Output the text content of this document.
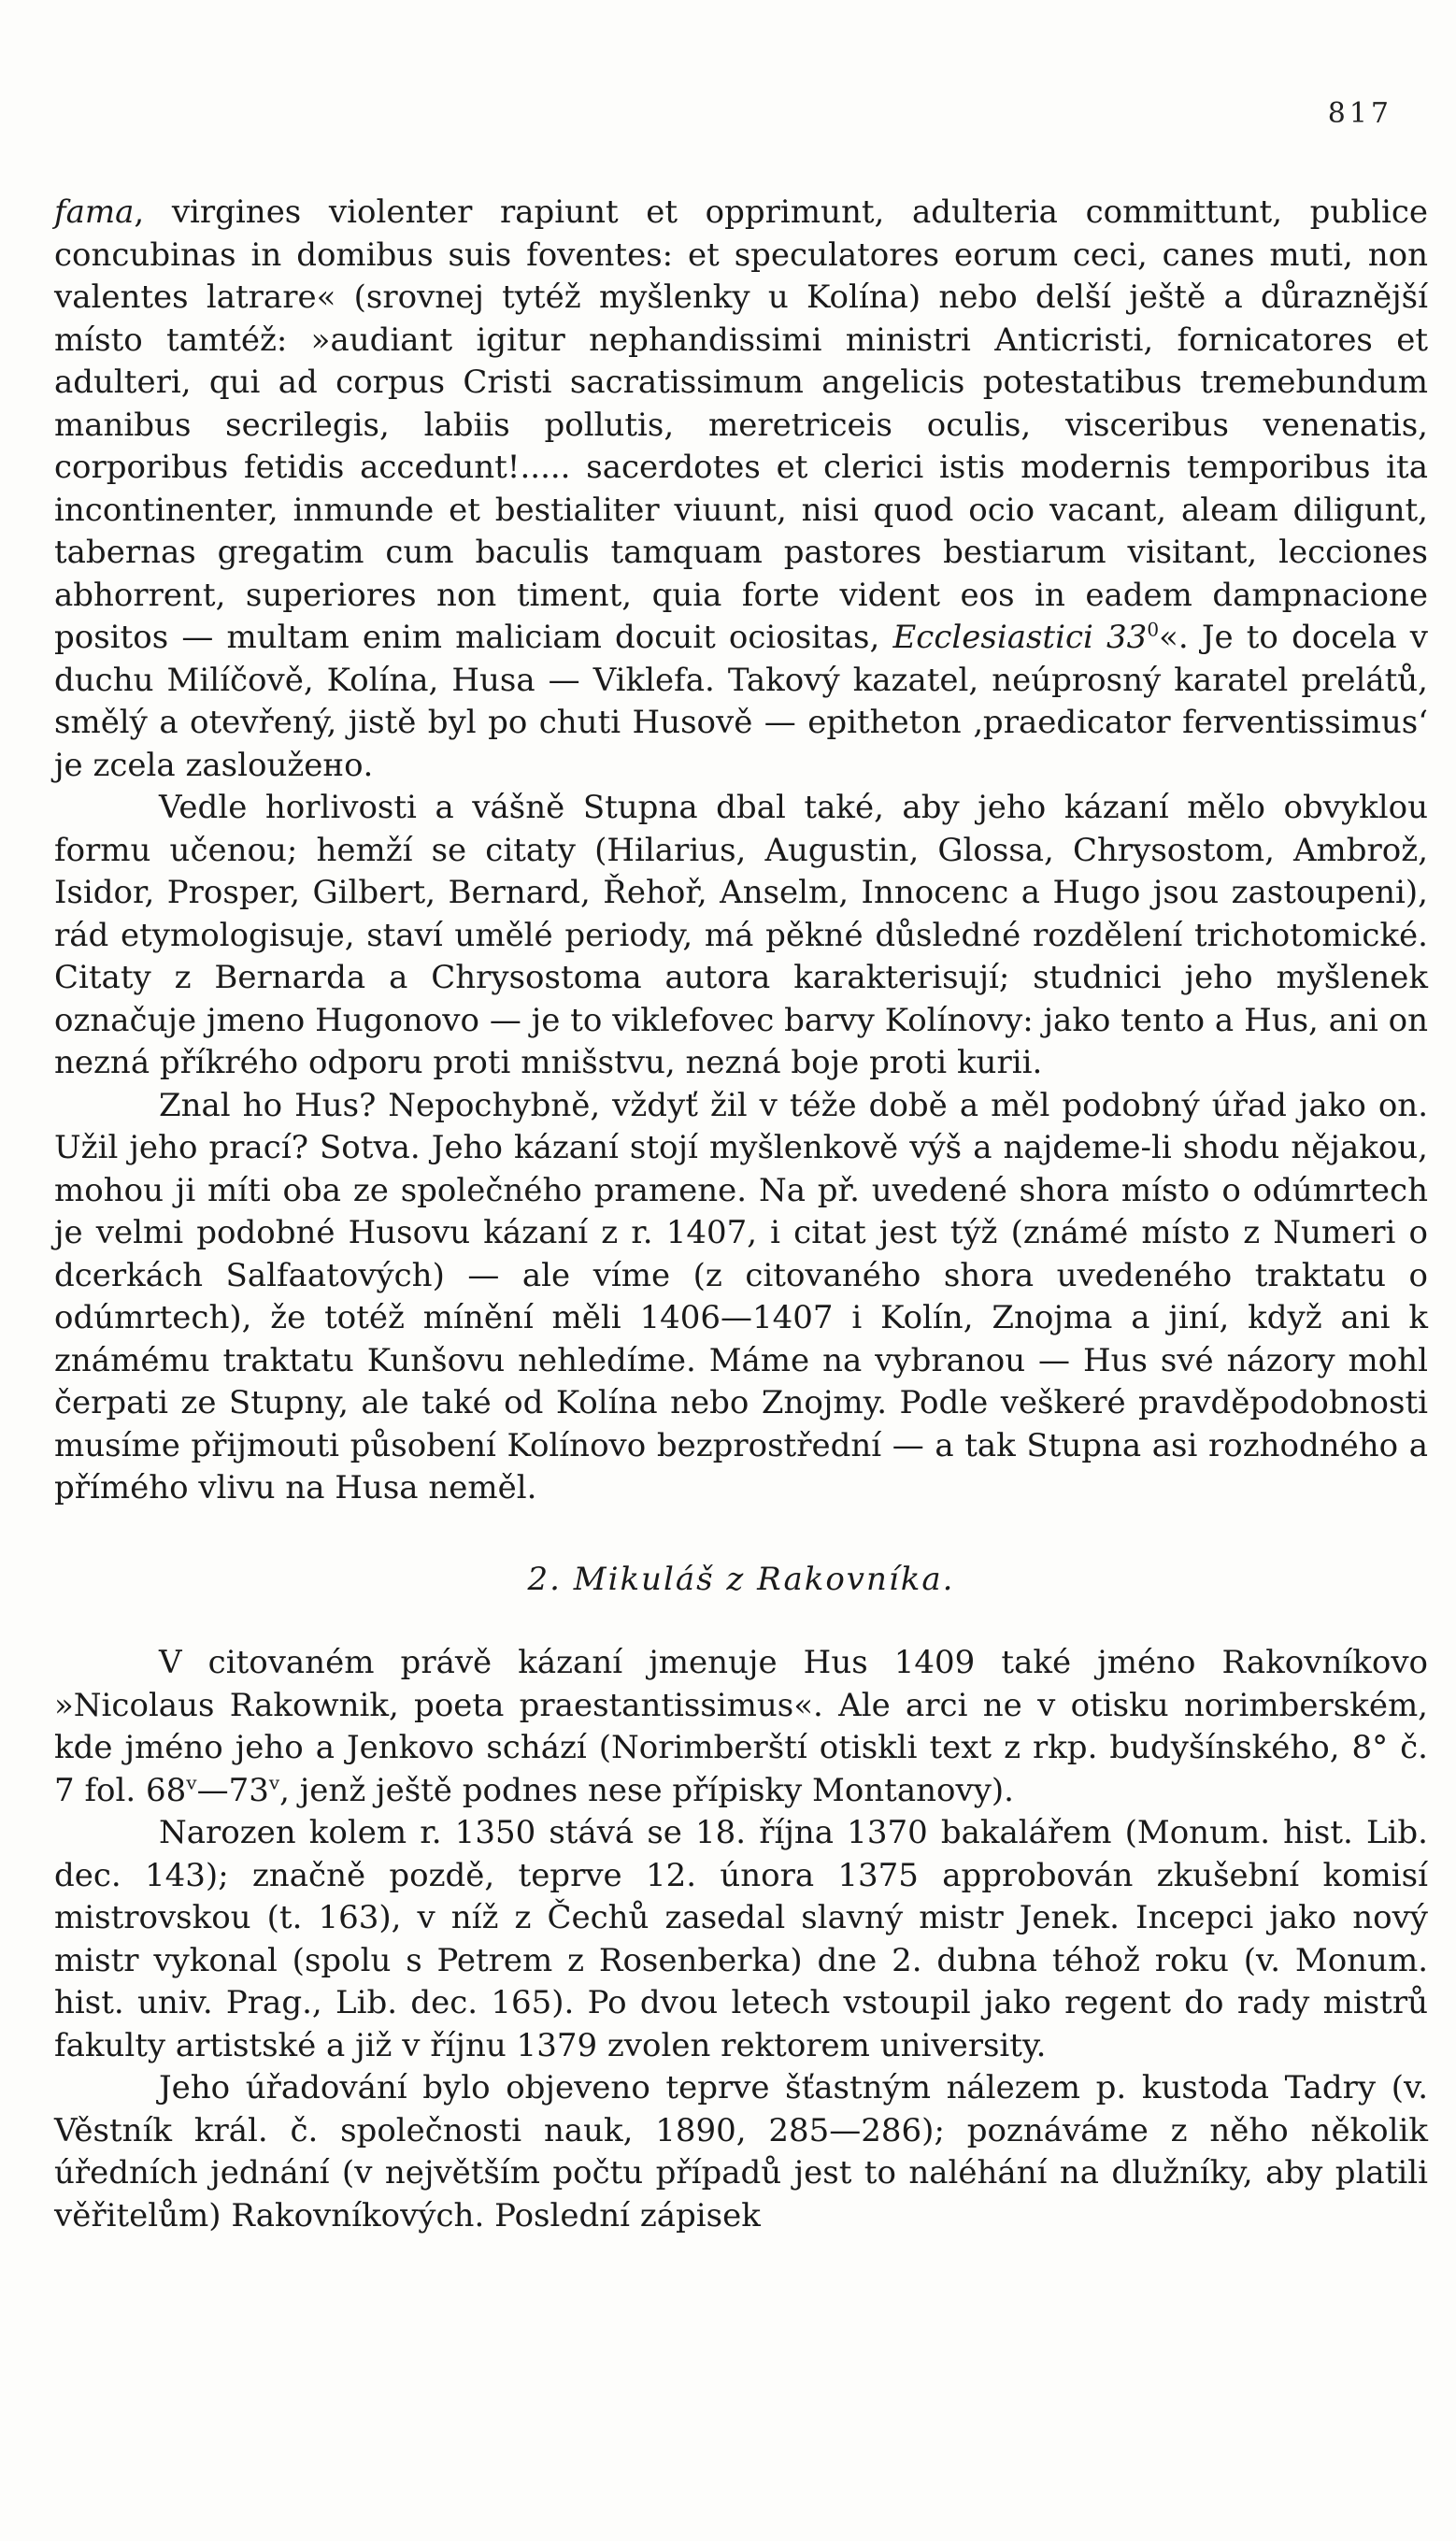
817

fama, virgines violenter rapiunt et opprimunt, adulteria committunt, publice concubinas in domibus suis foventes: et speculatores eorum ceci, canes muti, non valentes latrare« (srovnej tytéž myšlenky u Kolína) nebo delší ještě a důraznější místo tamtéž: »audiant igitur nephandissimi ministri Anticristi, fornicatores et adulteri, qui ad corpus Cristi sacratissimum angelicis potestatibus tremebundum manibus secrilegis, labiis pollutis, meretriceis oculis, visceribus venenatis, corporibus fetidis accedunt!..... sacerdotes et clerici istis modernis temporibus ita incontinenter, inmunde et bestialiter viuunt, nisi quod ocio vacant, aleam diligunt, tabernas gregatim cum baculis tamquam pastores bestiarum visitant, lecciones abhorrent, superiores non timent, quia forte vident eos in eadem dampnacione positos — multam enim maliciam docuit ociositas, Ecclesiastici $33^0«$. Je to docela v duchu Milíčově, Kolína, Husa — Viklefa. Takový kazatel, neúprosný karatel prelátů, smělý a otevřený, jistě byl po chuti Husově — epitheton ‚praedicator ferventissimus‘ je zcela zasloužено.

Vedle horlivosti a vášně Stupna dbal také, aby jeho kázaní mělo obvyklou formu učenou; hemží se citaty (Hilarius, Augustin, Glossa, Chrysostom, Ambrož, Isidor, Prosper, Gilbert, Bernard, Řehoř, Anselm, Innocenc a Hugo jsou zastoupeni), rád etymologisuje, staví umělé periody, má pěkné důsledné rozdělení trichotomické. Citaty z Bernarda a Chrysostoma autora karakterisují; studnici jeho myšlenek označuje jmeno Hugonovo — je to viklefovec barvy Kolínovy: jako tento a Hus, ani on nezná příkrého odporu proti mnišstvu, nezná boje proti kurii.

Znal ho Hus? Nepochybně, vždyť žil v téže době a měl podobný úřad jako on. Užil jeho prací? Sotva. Jeho kázaní stojí myšlenkově výš a najdeme-li shodu nějakou, mohou ji míti oba ze společného pramene. Na př. uvedené shora místo o odúmrtech je velmi podobné Husovu kázaní z r. 1407, i citat jest týž (známé místo z Numeri o dcerkách Salfaatových) — ale víme (z citovaného shora uvedeného traktatu o odúmrtech), že totéž mínění měli 1406—1407 i Kolín, Znojma a jiní, když ani k známému traktatu Kunšovu nehledíme. Máme na vybranou — Hus své názory mohl čerpati ze Stupny, ale také od Kolína nebo Znojmy. Podle veškeré pravděpodobnosti musíme přijmouti působení Kolínovo bezprostřední — a tak Stupna asi rozhodného a přímého vlivu na Husa neměl.

2. Mikuláš z Rakovníka.

V citovaném právě kázaní jmenuje Hus 1409 také jméno Rakovníkovo »Nicolaus Rakownik, poeta praestantissimus«. Ale arci ne v otisku norimberském, kde jméno jeho a Jenkovo schází (Norimberští otiskli text z rkp. budyšínského, 8° č. 7 fol. 68$^v$—73$^v$, jenž ještě podnes nese přípisky Montanovy).

Narozen kolem r. 1350 stává se 18. října 1370 bakalářem (Monum. hist. Lib. dec. 143); značně pozdě, teprve 12. února 1375 approbován zkušební komisí mistrovskou (t. 163), v níž z Čechů zasedal slavný mistr Jenek. Incepci jako nový mistr vykonal (spolu s Petrem z Rosenberka) dne 2. dubna téhož roku (v. Monum. hist. univ. Prag., Lib. dec. 165). Po dvou letech vstoupil jako regent do rady mistrů fakulty artistské a již v říjnu 1379 zvolen rektorem university.

Jeho úřadování bylo objeveno teprve šťastným nálezem p. kustoda Tadry (v. Věstník král. č. společnosti nauk, 1890, 285—286); poznáváme z něho několik úředních jednání (v největším počtu případů jest to naléhání na dlužníky, aby platili věřitelům) Rakovníkových. Poslední zápisek
